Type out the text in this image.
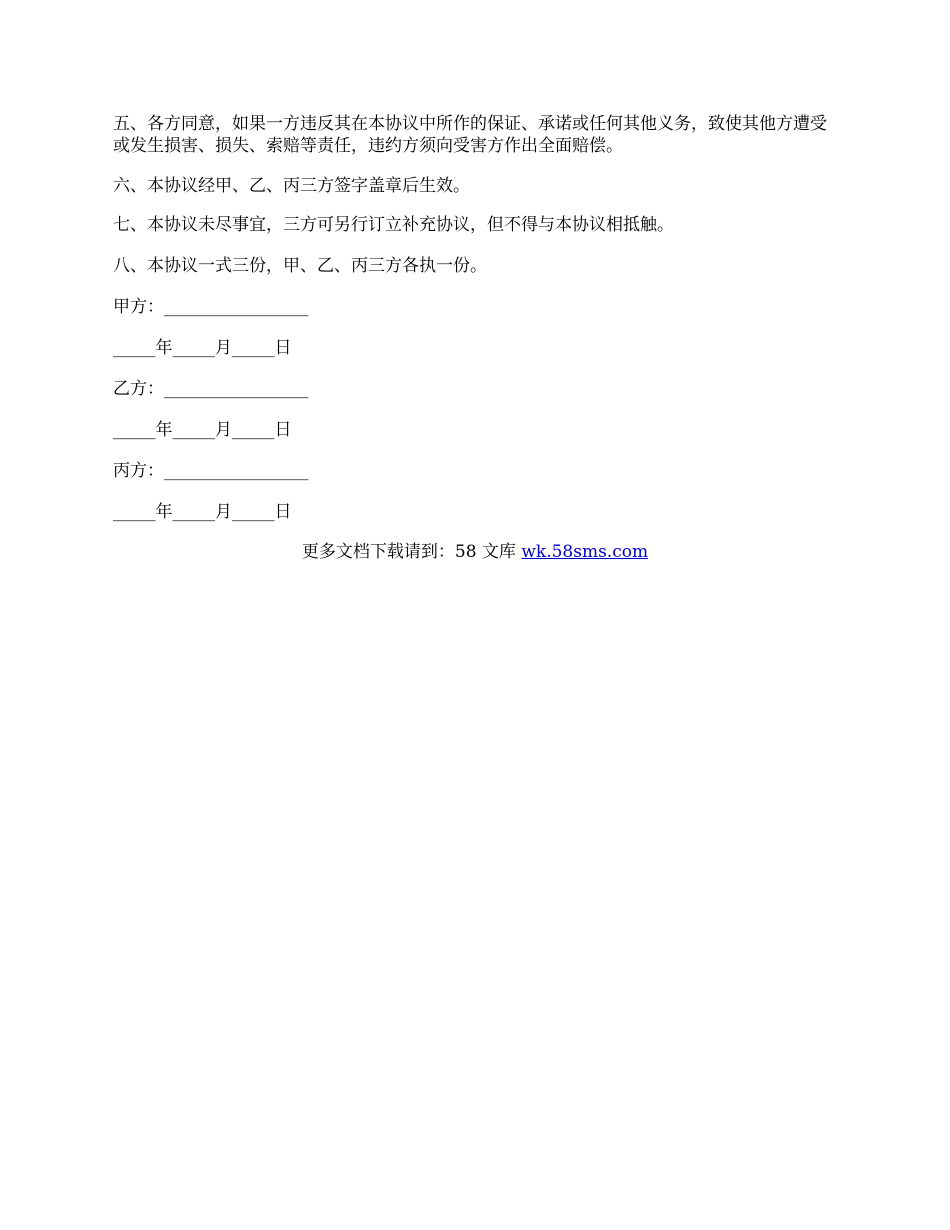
五、各方同意，如果一方违反其在本协议中所作的保证、承诺或任何其他义务，致使其他方遭受或发生损害、损失、索赔等责任，违约方须向受害方作出全面赔偿。
六、本协议经甲、乙、丙三方签字盖章后生效。
七、本协议未尽事宜，三方可另行订立补充协议，但不得与本协议相抵触。
八、本协议一式三份，甲、乙、丙三方各执一份。
甲方：_________________
_____年_____月_____日
乙方：_________________
_____年_____月_____日
丙方：_________________
_____年_____月_____日
更多文档下载请到：58 文库 wk.58sms.com
